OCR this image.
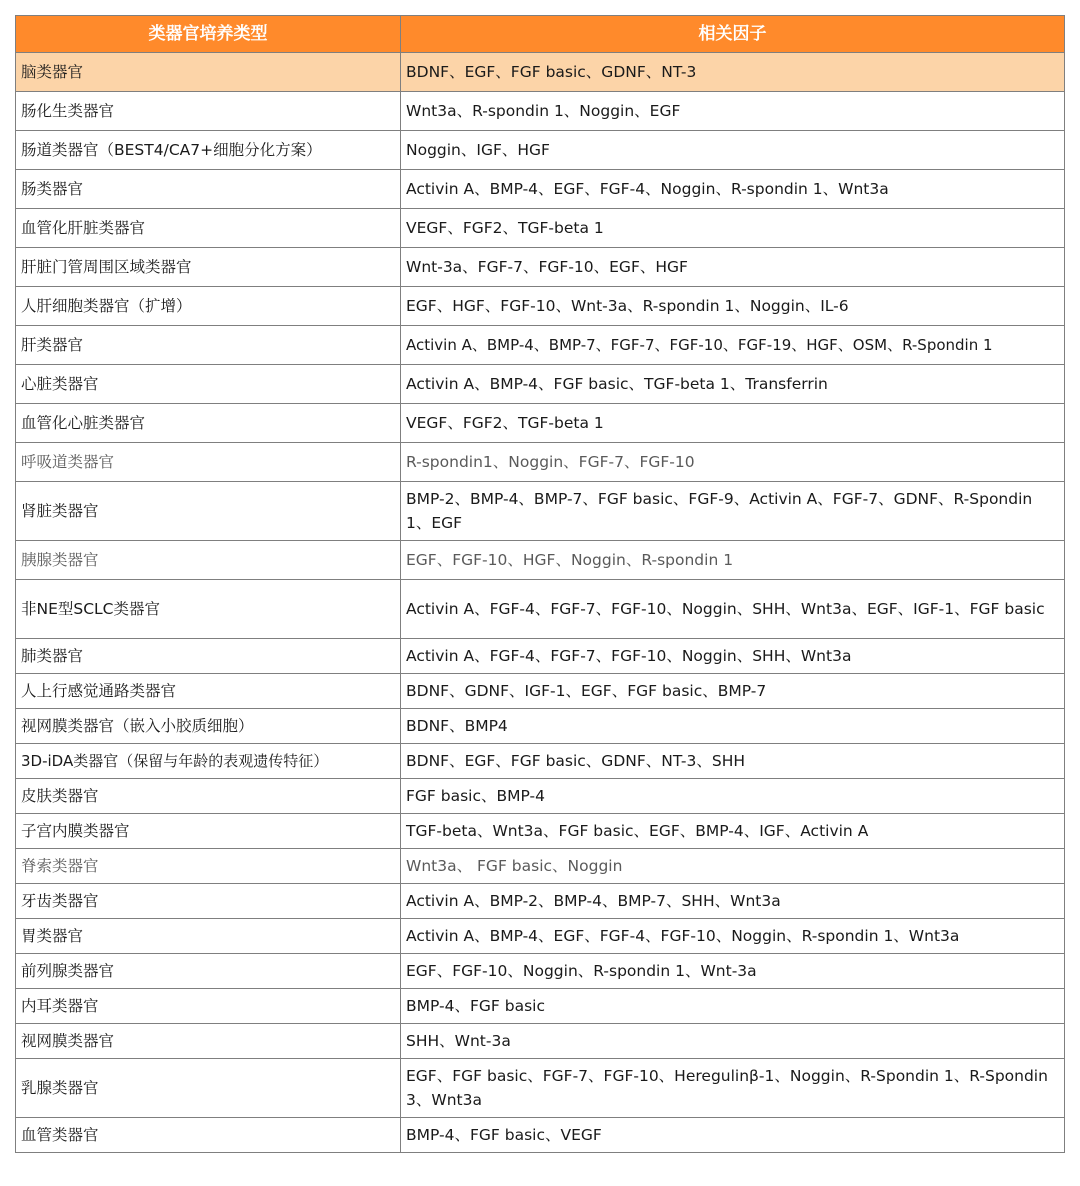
类器官培养类型	相关因子
脑类器官	BDNF、EGF、FGF basic、GDNF、NT-3
肠化生类器官	Wnt3a、R-spondin 1、Noggin、EGF
肠道类器官（BEST4/CA7+细胞分化方案）	Noggin、IGF、HGF
肠类器官	Activin A、BMP-4、EGF、FGF-4、Noggin、R-spondin 1、Wnt3a
血管化肝脏类器官	VEGF、FGF2、TGF-beta 1
肝脏门管周围区域类器官	Wnt-3a、FGF-7、FGF-10、EGF、HGF
人肝细胞类器官（扩增）	EGF、HGF、FGF-10、Wnt-3a、R-spondin 1、Noggin、IL-6
肝类器官	Activin A、BMP-4、BMP-7、FGF-7、FGF-10、FGF-19、HGF、OSM、R-Spondin 1
心脏类器官	Activin A、BMP-4、FGF basic、TGF-beta 1、Transferrin
血管化心脏类器官	VEGF、FGF2、TGF-beta 1
呼吸道类器官	R-spondin1、Noggin、FGF-7、FGF-10
肾脏类器官	BMP-2、BMP-4、BMP-7、FGF basic、FGF-9、Activin A、FGF-7、GDNF、R-Spondin 1、EGF
胰腺类器官	EGF、FGF-10、HGF、Noggin、R-spondin 1
非NE型SCLC类器官	Activin A、FGF-4、FGF-7、FGF-10、Noggin、SHH、Wnt3a、EGF、IGF-1、FGF basic
肺类器官	Activin A、FGF-4、FGF-7、FGF-10、Noggin、SHH、Wnt3a
人上行感觉通路类器官	BDNF、GDNF、IGF-1、EGF、FGF basic、BMP-7
视网膜类器官（嵌入小胶质细胞）	BDNF、BMP4
3D-iDA类器官（保留与年龄的表观遗传特征）	BDNF、EGF、FGF basic、GDNF、NT-3、SHH
皮肤类器官	FGF basic、BMP-4
子宫内膜类器官	TGF-beta、Wnt3a、FGF basic、EGF、BMP-4、IGF、Activin A
脊索类器官	Wnt3a、 FGF basic、Noggin
牙齿类器官	Activin A、BMP-2、BMP-4、BMP-7、SHH、Wnt3a
胃类器官	Activin A、BMP-4、EGF、FGF-4、FGF-10、Noggin、R-spondin 1、Wnt3a
前列腺类器官	EGF、FGF-10、Noggin、R-spondin 1、Wnt-3a
内耳类器官	BMP-4、FGF basic
视网膜类器官	SHH、Wnt-3a
乳腺类器官	EGF、FGF basic、FGF-7、FGF-10、Heregulinβ-1、Noggin、R-Spondin 1、R-Spondin 3、Wnt3a
血管类器官	BMP-4、FGF basic、VEGF
